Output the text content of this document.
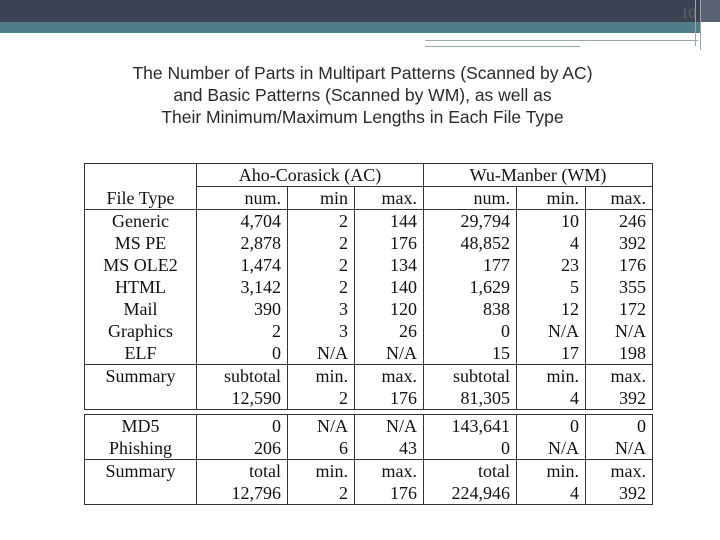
10
The Number of Parts in Multipart Patterns (Scanned by AC)
and Basic Patterns (Scanned by WM), as well as
Their Minimum/Maximum Lengths in Each File Type
	Aho-Corasick (AC)			Wu-Manber (WM)		
File Type	num.	min	max.	num.	min.	max.
Generic	4,704	2	144	29,794	10	246
MS PE	2,878	2	176	48,852	4	392
MS OLE2	1,474	2	134	177	23	176
HTML	3,142	2	140	1,629	5	355
Mail	390	3	120	838	12	172
Graphics	2	3	26	0	N/A	N/A
ELF	0	N/A	N/A	15	17	198
Summary	subtotal	min.	max.	subtotal	min.	max.
	12,590	2	176	81,305	4	392

MD5	0	N/A	N/A	143,641	0	0
Phishing	206	6	43	0	N/A	N/A
Summary	total	min.	max.	total	min.	max.
	12,796	2	176	224,946	4	392
